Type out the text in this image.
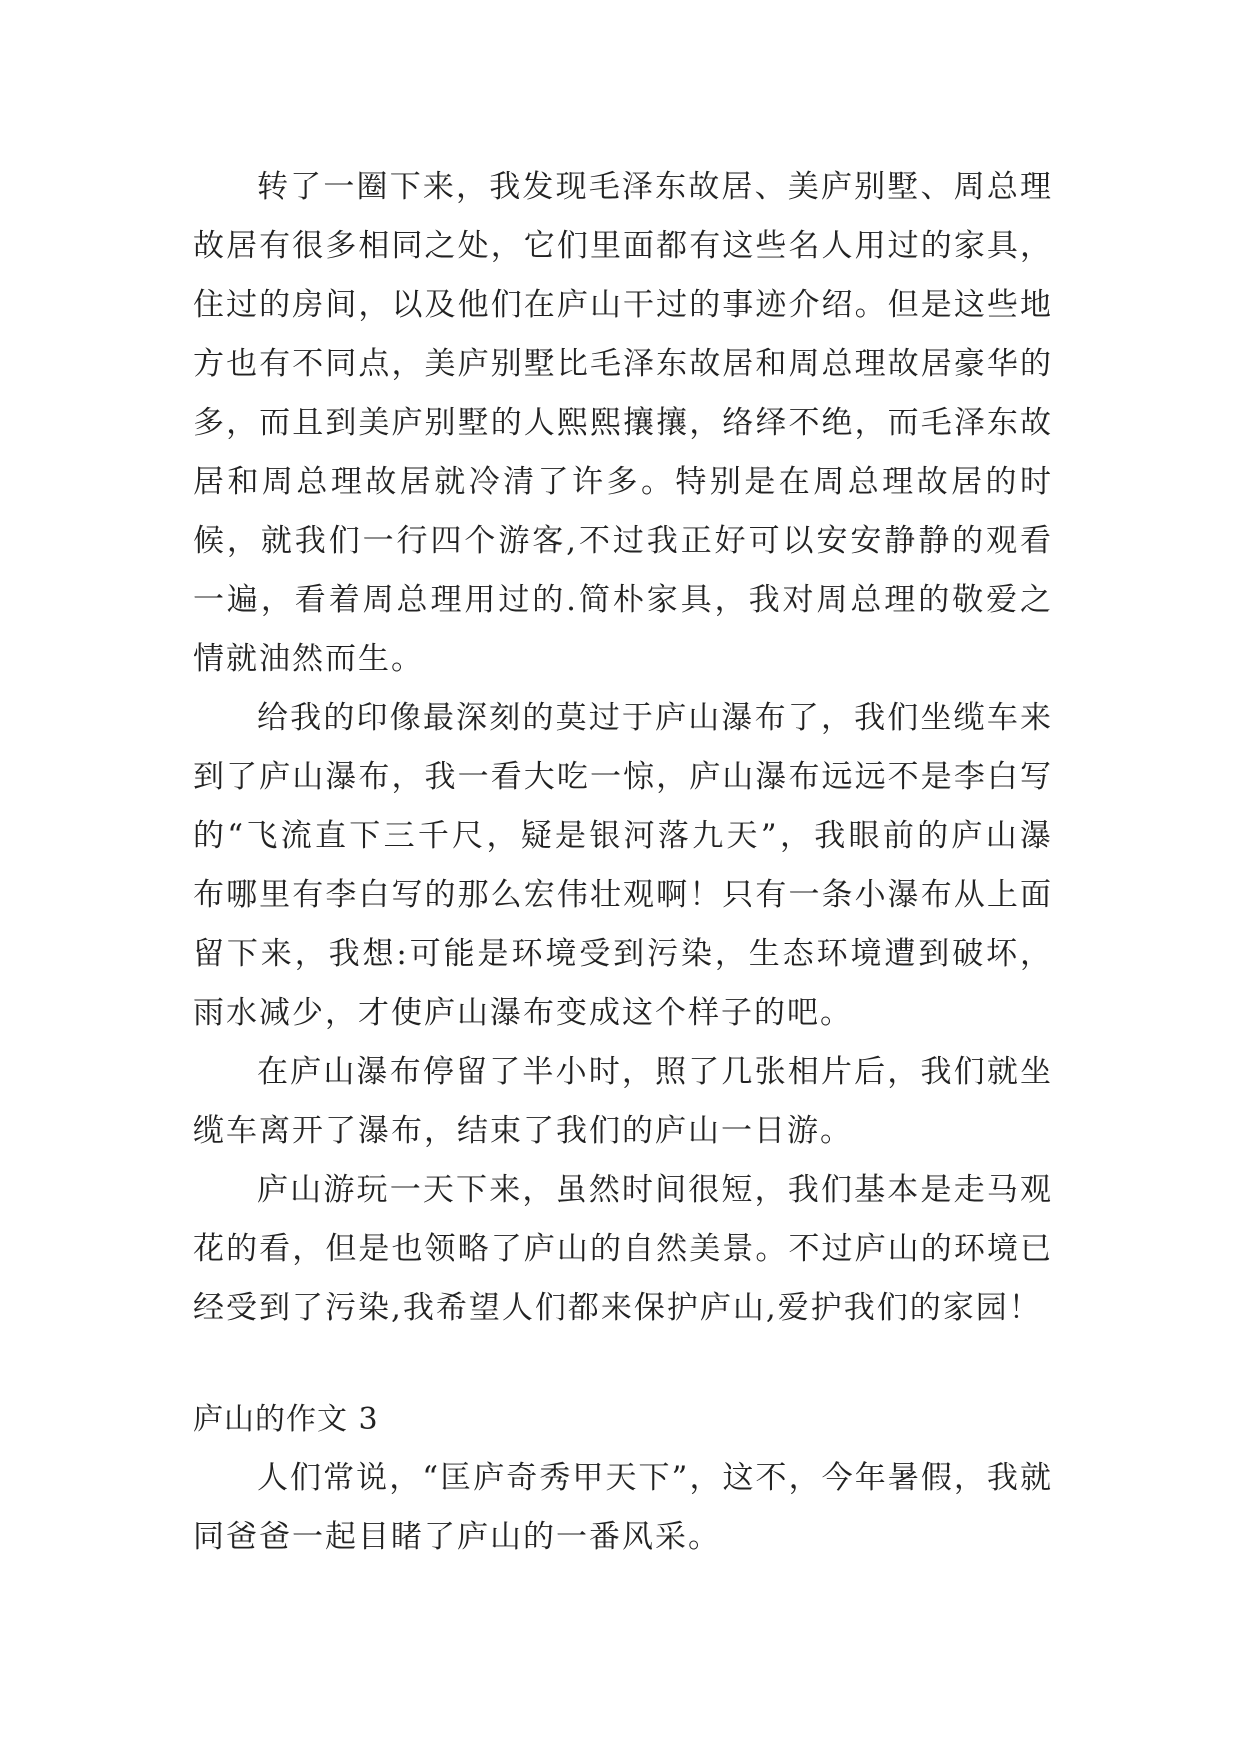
转了一圈下来，我发现毛泽东故居、美庐别墅、周总理故居有很多相同之处，它们里面都有这些名人用过的家具，住过的房间，以及他们在庐山干过的事迹介绍。但是这些地方也有不同点，美庐别墅比毛泽东故居和周总理故居豪华的多，而且到美庐别墅的人熙熙攘攘，络绎不绝，而毛泽东故居和周总理故居就冷清了许多。特别是在周总理故居的时候，就我们一行四个游客,不过我正好可以安安静静的观看一遍，看着周总理用过的.简朴家具，我对周总理的敬爱之情就油然而生。

给我的印像最深刻的莫过于庐山瀑布了，我们坐缆车来到了庐山瀑布，我一看大吃一惊，庐山瀑布远远不是李白写的“飞流直下三千尺，疑是银河落九天”，我眼前的庐山瀑布哪里有李白写的那么宏伟壮观啊！只有一条小瀑布从上面留下来，我想:可能是环境受到污染，生态环境遭到破坏，雨水减少，才使庐山瀑布变成这个样子的吧。

在庐山瀑布停留了半小时，照了几张相片后，我们就坐缆车离开了瀑布，结束了我们的庐山一日游。

庐山游玩一天下来，虽然时间很短，我们基本是走马观花的看，但是也领略了庐山的自然美景。不过庐山的环境已经受到了污染,我希望人们都来保护庐山,爱护我们的家园！

庐山的作文 3

人们常说，“匡庐奇秀甲天下”，这不，今年暑假，我就同爸爸一起目睹了庐山的一番风采。
